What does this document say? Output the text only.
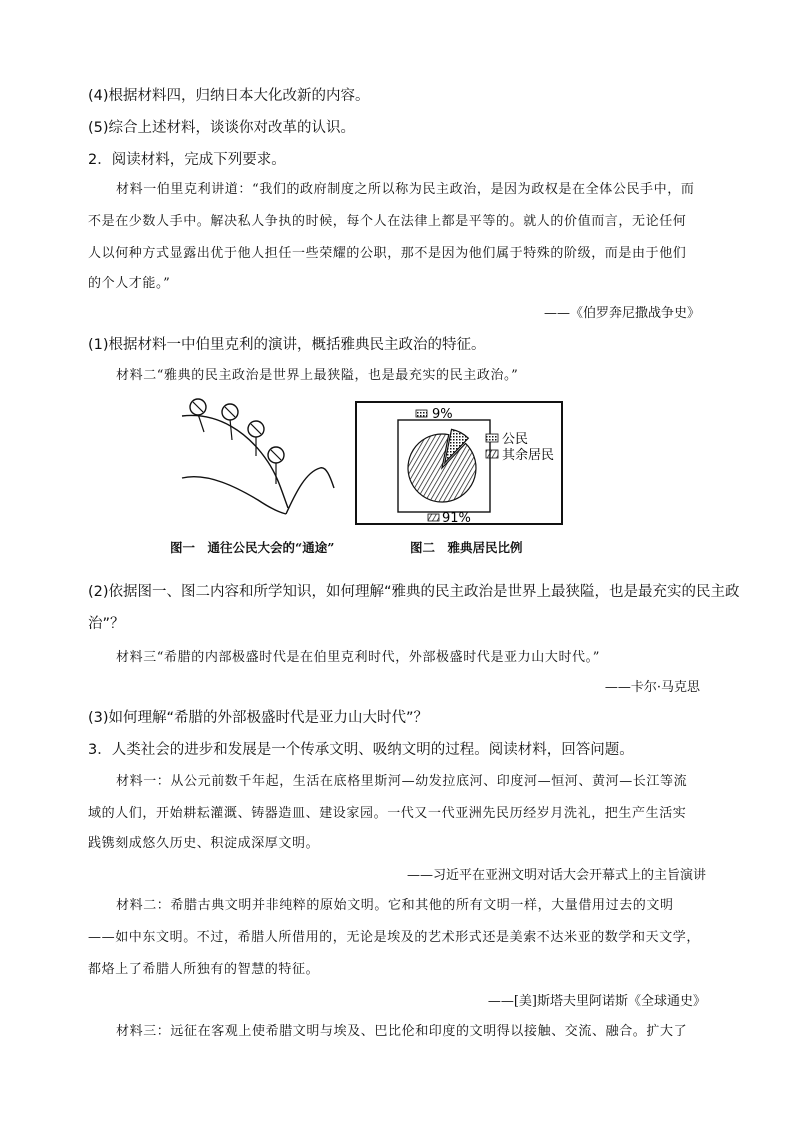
(4)根据材料四，归纳日本大化改新的内容。
(5)综合上述材料，谈谈你对改革的认识。
2．阅读材料，完成下列要求。
材料一伯里克利讲道：“我们的政府制度之所以称为民主政治，是因为政权是在全体公民手中，而
不是在少数人手中。解决私人争执的时候，每个人在法律上都是平等的。就人的价值而言，无论任何
人以何种方式显露出优于他人担任一些荣耀的公职，那不是因为他们属于特殊的阶级，而是由于他们
的个人才能。”
——《伯罗奔尼撒战争史》
(1)根据材料一中伯里克利的演讲，概括雅典民主政治的特征。
材料二“雅典的民主政治是世界上最狭隘，也是最充实的民主政治。”
9%
91%
公民
其余居民
图一　通往公民大会的“通途”	图二　雅典居民比例
(2)依据图一、图二内容和所学知识，如何理解“雅典的民主政治是世界上最狭隘，也是最充实的民主政
治”？
材料三“希腊的内部极盛时代是在伯里克利时代，外部极盛时代是亚力山大时代。”
——卡尔·马克思
(3)如何理解“希腊的外部极盛时代是亚力山大时代”？
3．人类社会的进步和发展是一个传承文明、吸纳文明的过程。阅读材料，回答问题。
材料一：从公元前数千年起，生活在底格里斯河—幼发拉底河、印度河—恒河、黄河—长江等流
域的人们，开始耕耘灌溉、铸器造皿、建设家园。一代又一代亚洲先民历经岁月洗礼，把生产生活实
践镌刻成悠久历史、积淀成深厚文明。
——习近平在亚洲文明对话大会开幕式上的主旨演讲
材料二：希腊古典文明并非纯粹的原始文明。它和其他的所有文明一样，大量借用过去的文明
——如中东文明。不过，希腊人所借用的，无论是埃及的艺术形式还是美索不达米亚的数学和天文学，
都烙上了希腊人所独有的智慧的特征。
——[美]斯塔夫里阿诺斯《全球通史》
材料三：远征在客观上使希腊文明与埃及、巴比伦和印度的文明得以接触、交流、融合。扩大了
